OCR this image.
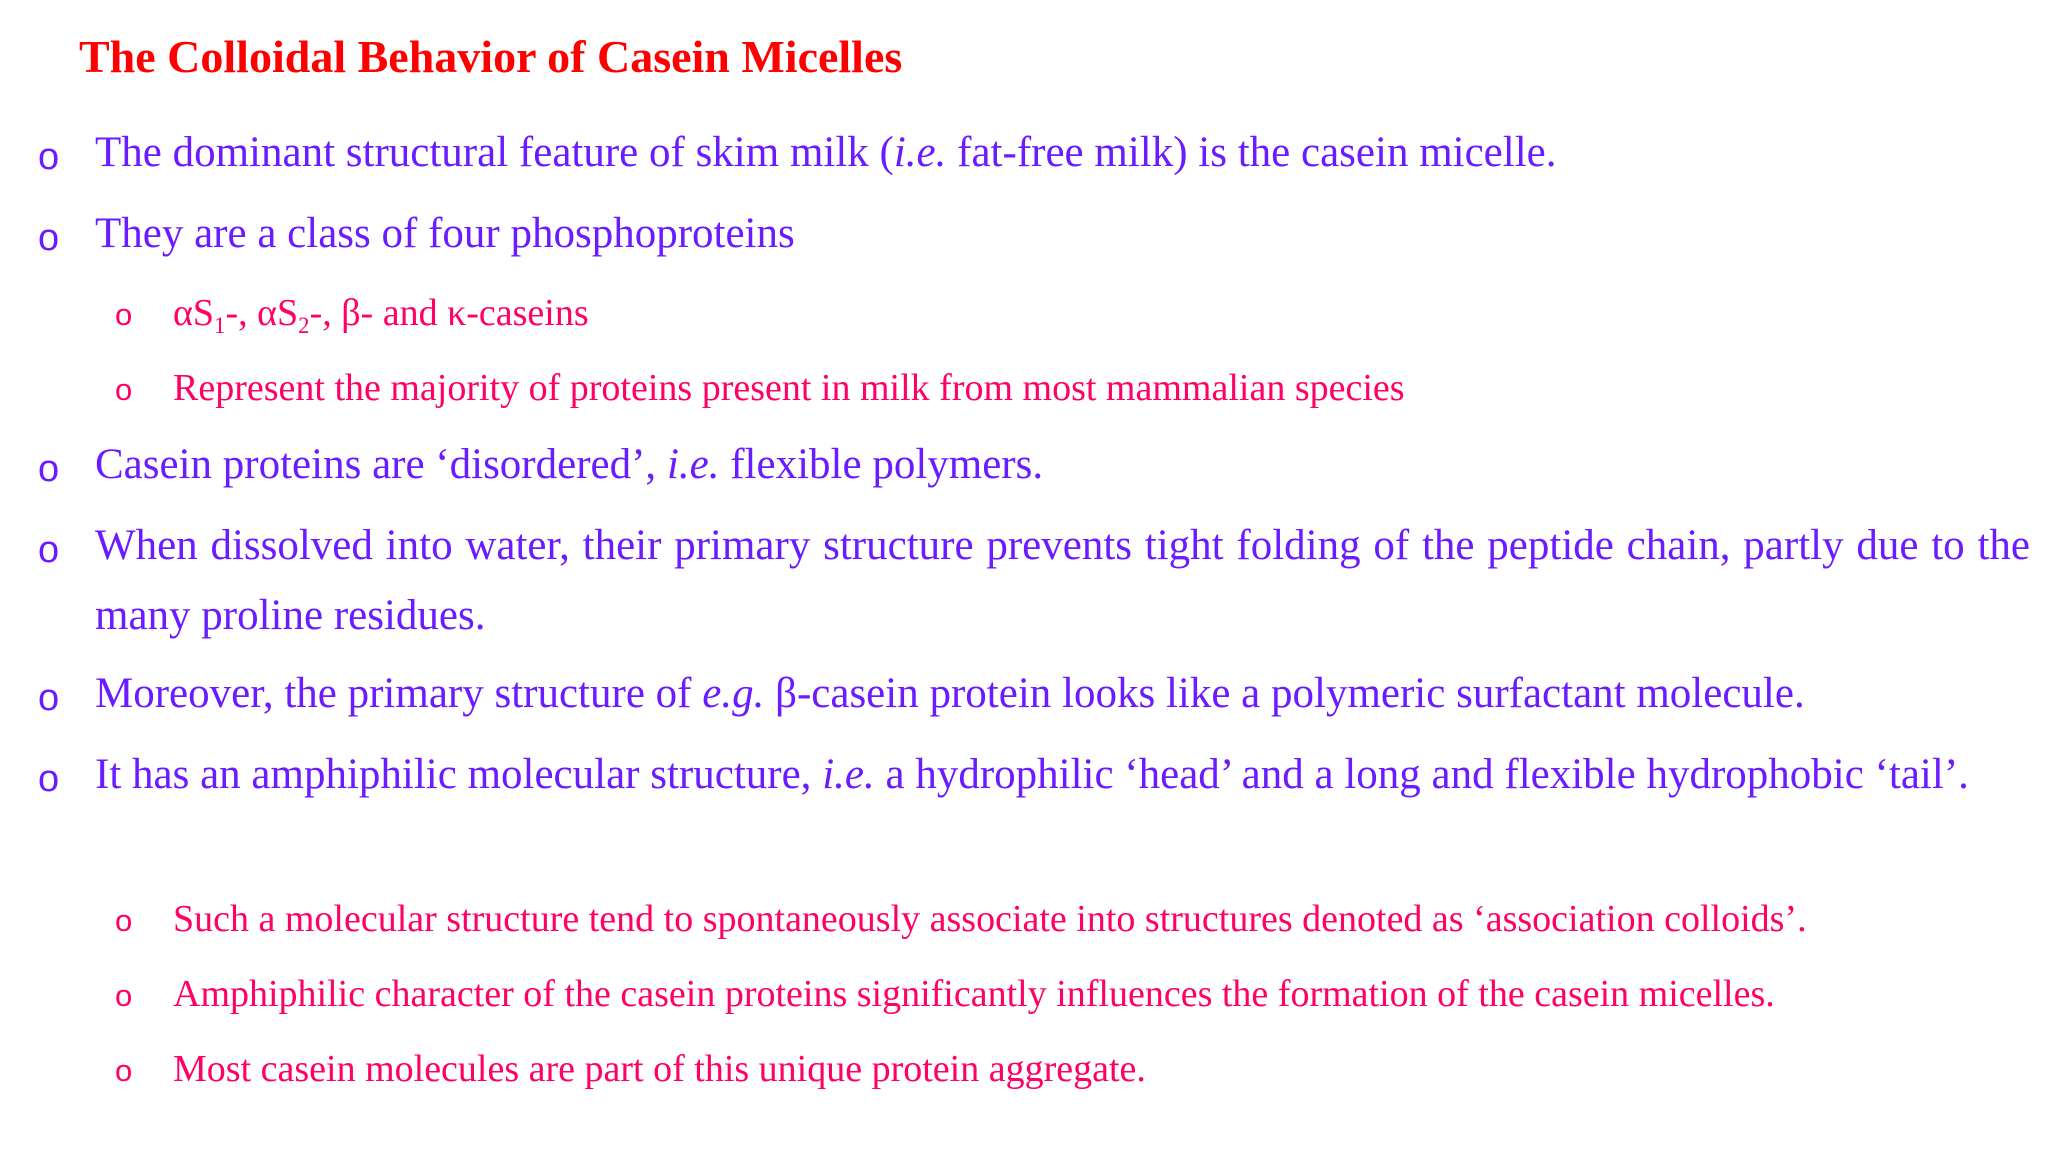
The Colloidal Behavior of Casein Micelles
o The dominant structural feature of skim milk (i.e. fat-free milk) is the casein micelle.
o They are a class of four phosphoproteins
o $\alpha S_1-$, $\alpha S_2-$, β- and κ-caseins
o Represent the majority of proteins present in milk from most mammalian species
o Casein proteins are ‘disordered’, i.e. flexible polymers.
o When dissolved into water, their primary structure prevents tight folding of the peptide chain, partly due to the many proline residues.
o Moreover, the primary structure of e.g. β-casein protein looks like a polymeric surfactant molecule.
o It has an amphiphilic molecular structure, i.e. a hydrophilic ‘head’ and a long and flexible hydrophobic ‘tail’.
o Such a molecular structure tend to spontaneously associate into structures denoted as ‘association colloids’.
o Amphiphilic character of the casein proteins significantly influences the formation of the casein micelles.
o Most casein molecules are part of this unique protein aggregate.
